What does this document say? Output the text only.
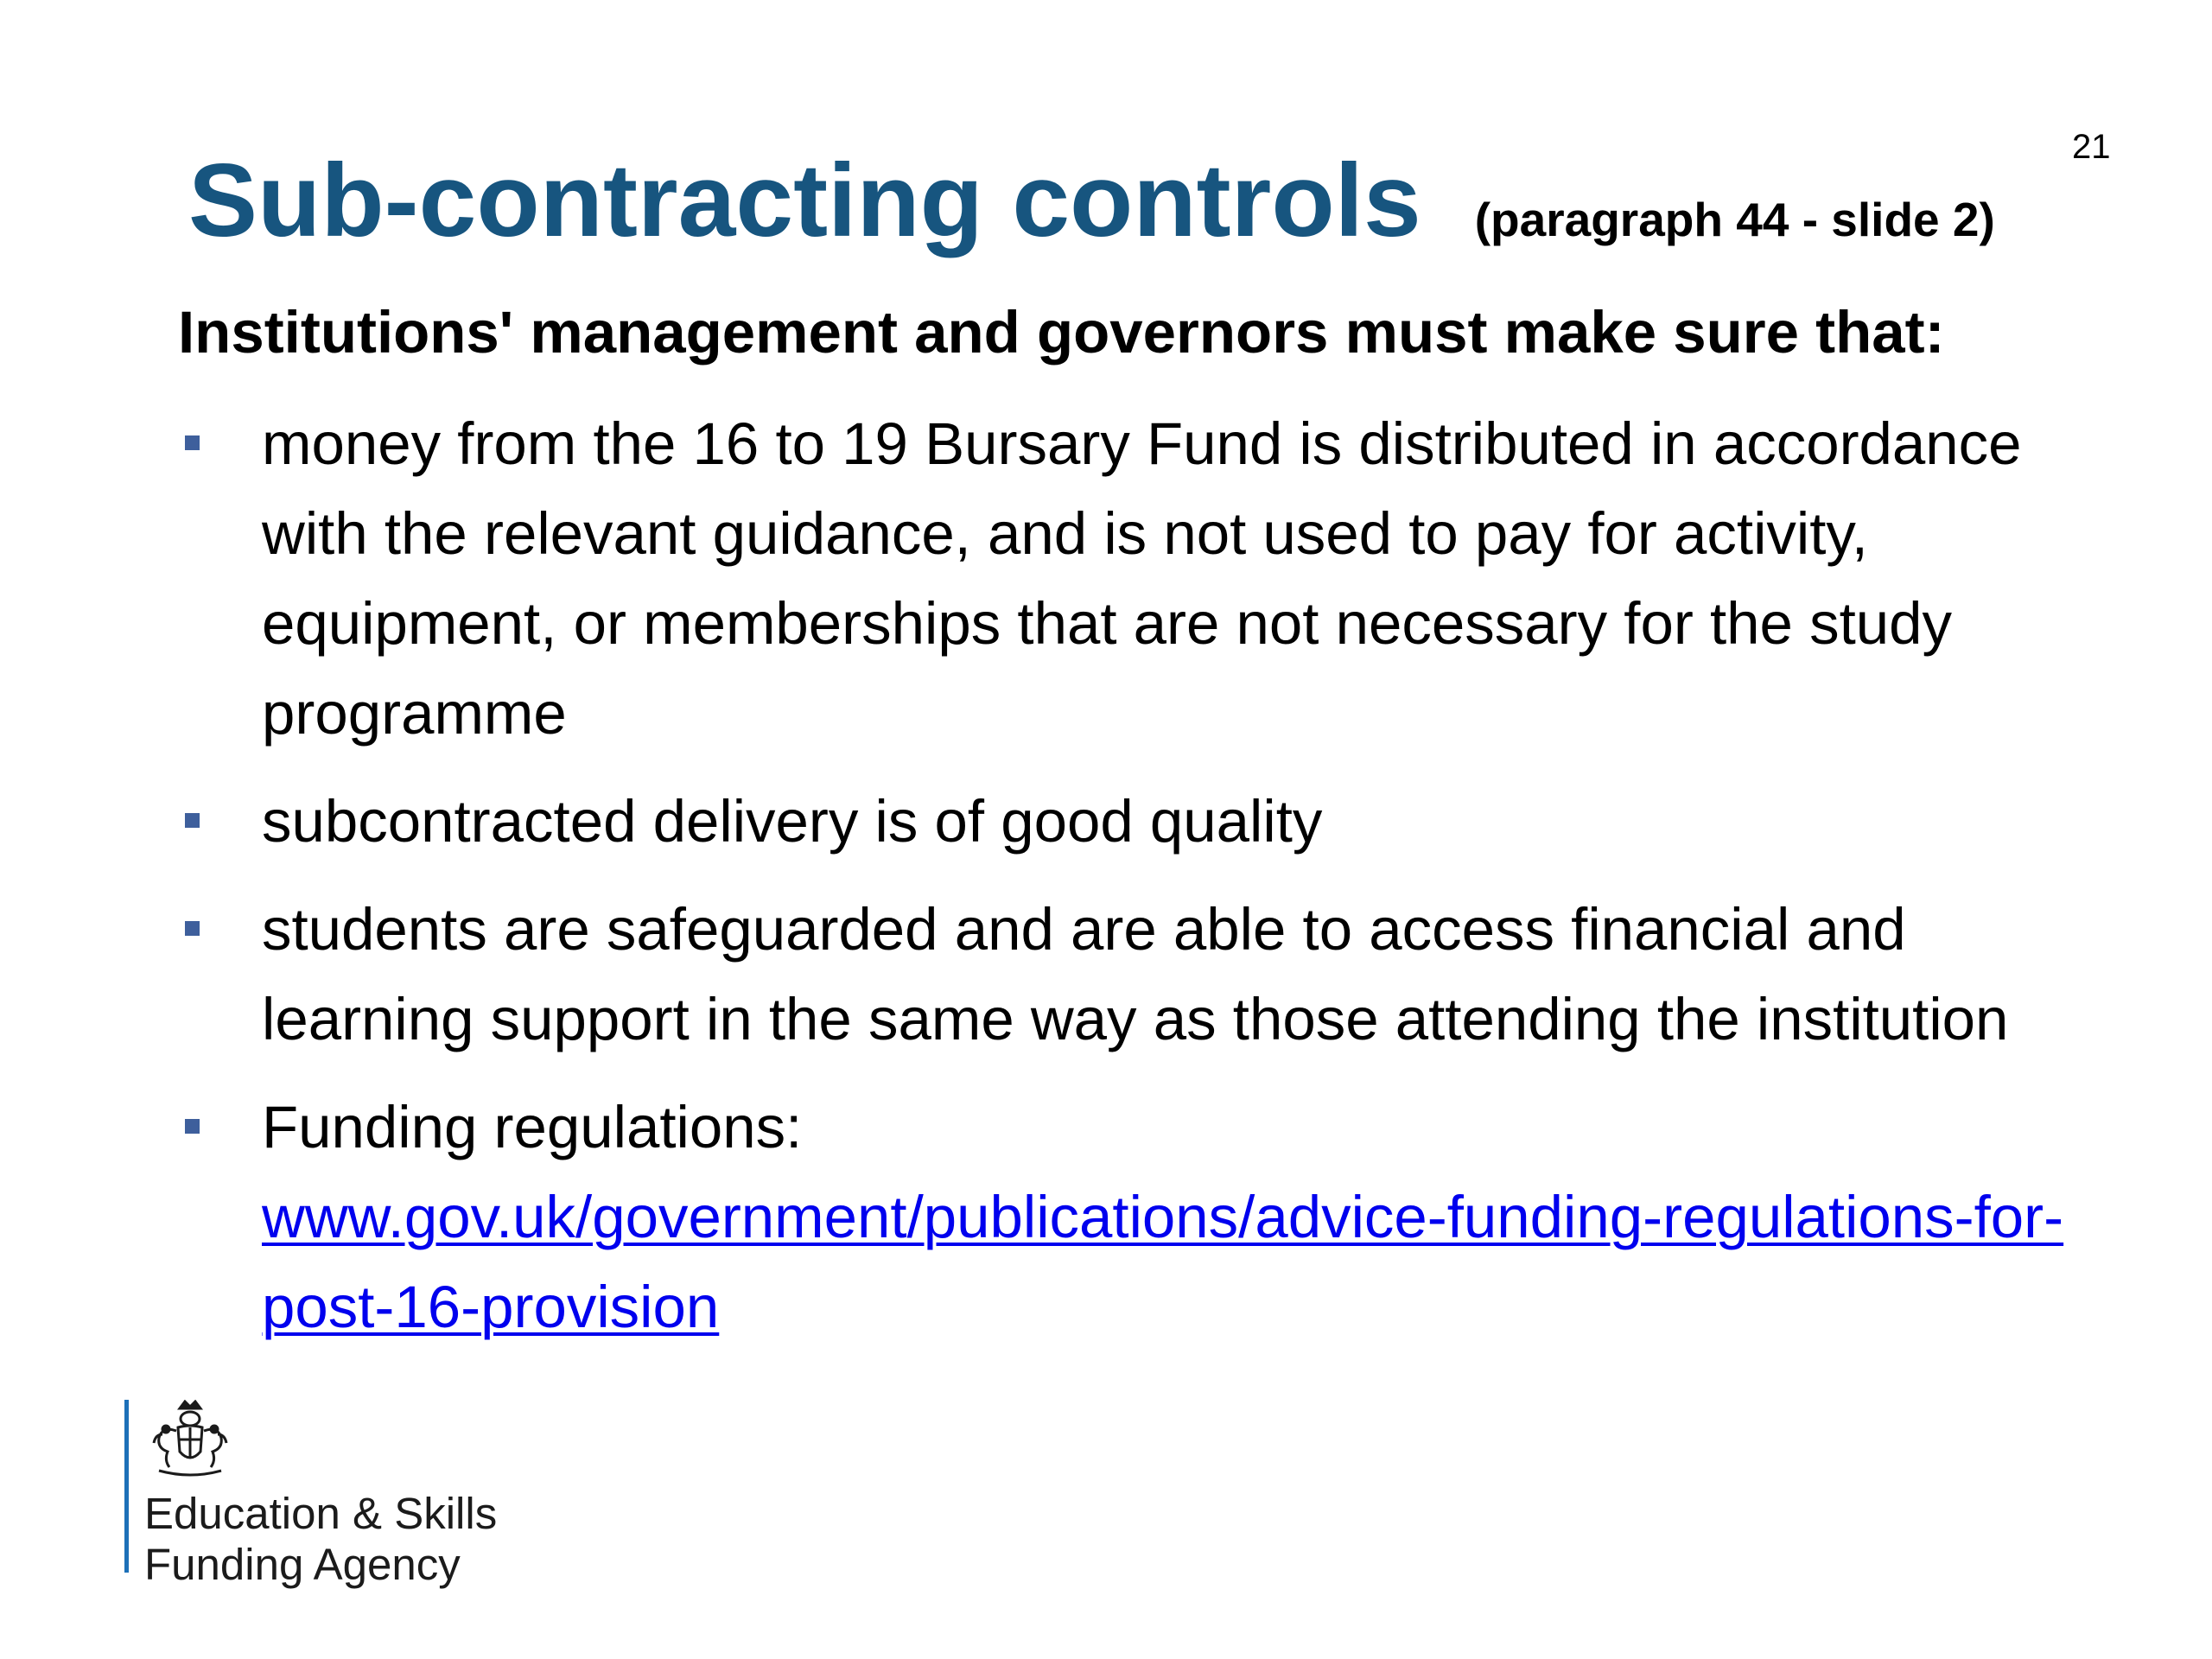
21
Sub-contracting controls (paragraph 44 - slide 2)
Institutions' management and governors must make sure that:
money from the 16 to 19 Bursary Fund is distributed in accordance with the relevant guidance, and is not used to pay for activity, equipment, or memberships that are not necessary for the study programme
subcontracted delivery is of good quality
students are safeguarded and are able to access financial and learning support in the same way as those attending the institution
Funding regulations:
www.gov.uk/government/publications/advice-funding-regulations-for-post-16-provision
Education & Skills
Funding Agency
